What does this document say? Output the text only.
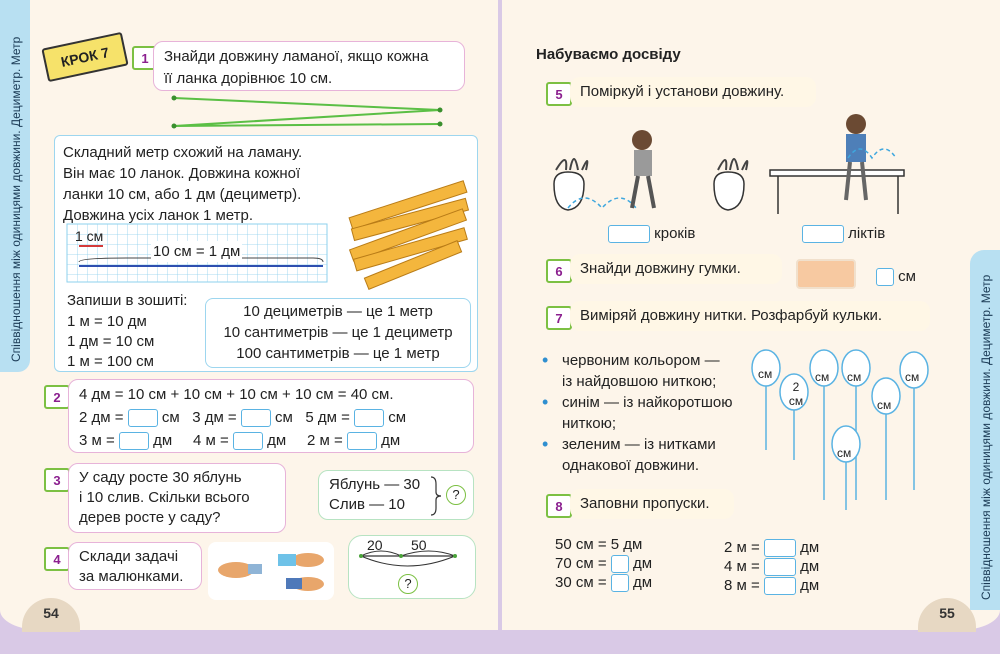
Співвідношення між одиницями довжини. Дециметр. Метр	КРОК 7	1	Знайди довжину ламаної, якщо кожна
її ланка дорівнює 10 см.
Складний метр схожий на ламану.
Він має 10 ланок. Довжина кожної
ланки 10 см, або 1 дм (дециметр).
Довжина усіх ланок 1 метр.
1 см
10 см = 1 дм
Запиши в зошиті:
1 м = 10 дм
1 дм = 10 см
1 м = 100 см
10 дециметрів — це 1 метр
10 сантиметрів — це 1 дециметр
100 сантиметрів — це 1 метр
2	4 дм = 10 см + 10 см + 10 см + 10 см = 40 см.
2 дм =	см 3 дм =	см 5 дм =	см
3 м =	дм 4 м =	дм 2 м =	дм
3	У саду росте 30 яблунь
і 10 слив. Скільки всього
дерев росте у саду?
Яблунь — 30
Слив — 10
?
4	Склади задачі
за малюнками.
20 50
?
54
Співвідношення між одиницями довжини. Дециметр. Метр
Набуваємо досвіду
5	Поміркуй і установи довжину.
кроків	ліктів
6	Знайди довжину гумки.	см
7	Виміряй довжину нитки. Розфарбуй кульки.
• червоним кольором —
із найдовшою ниткою;
• синім — із найкоротшою
ниткою;
• зеленим — із нитками
однакової довжини.
см
2 см
см см
см
см
см
8	Заповни пропуски.
50 см = 5 дм
70 см = дм
30 см = дм
2 м =	дм
4 м =	дм
8 м =	дм
55
